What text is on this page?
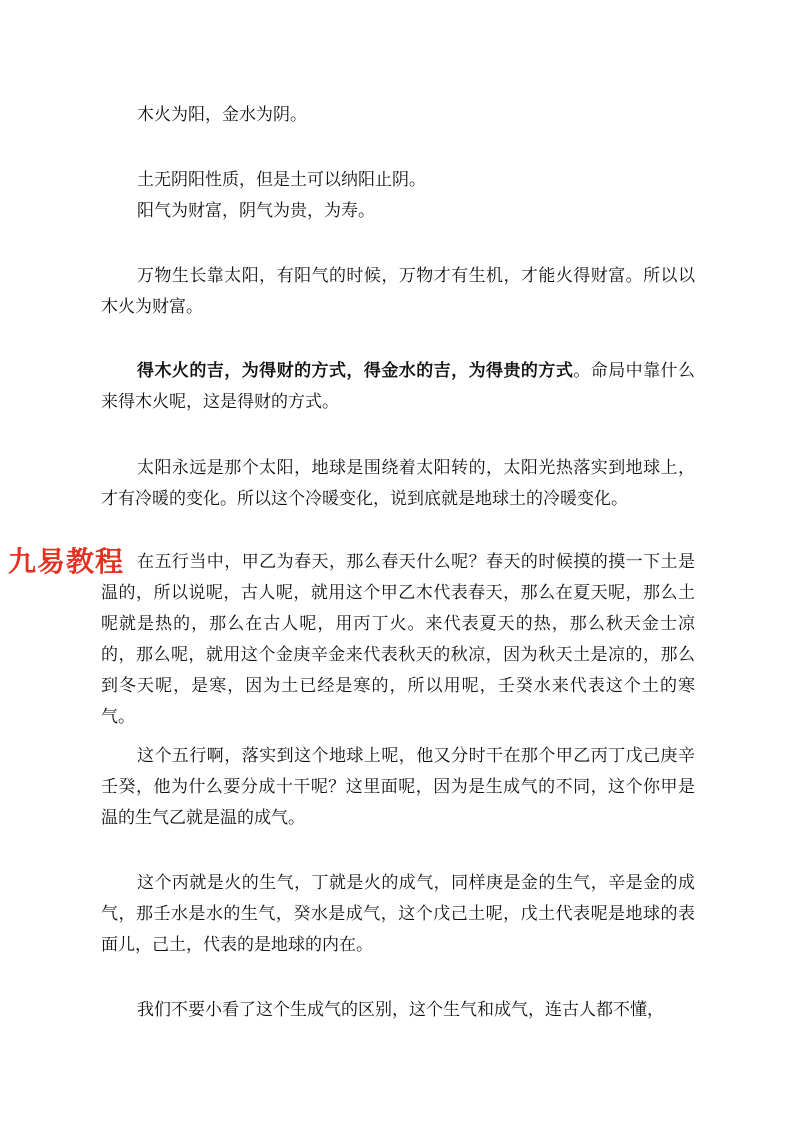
木火为阳，金水为阴。

土无阴阳性质，但是土可以纳阳止阴。

阳气为财富，阴气为贵，为寿。

万物生长靠太阳，有阳气的时候，万物才有生机，才能火得财富。所以以木火为财富。

得木火的吉，为得财的方式，得金水的吉，为得贵的方式。命局中靠什么来得木火呢，这是得财的方式。

太阳永远是那个太阳，地球是围绕着太阳转的，太阳光热落实到地球上，才有冷暖的变化。所以这个冷暖变化，说到底就是地球土的冷暖变化。

在五行当中，甲乙为春天，那么春天什么呢？春天的时候摸的摸一下土是温的，所以说呢，古人呢，就用这个甲乙木代表春天，那么在夏天呢，那么土呢就是热的，那么在古人呢，用丙丁火。来代表夏天的热，那么秋天金士凉的，那么呢，就用这个金庚辛金来代表秋天的秋凉，因为秋天土是凉的，那么到冬天呢，是寒，因为土已经是寒的，所以用呢，壬癸水来代表这个土的寒气。

这个五行啊，落实到这个地球上呢，他又分时干在那个甲乙丙丁戊己庚辛壬癸，他为什么要分成十干呢？这里面呢，因为是生成气的不同，这个你甲是温的生气乙就是温的成气。

这个丙就是火的生气，丁就是火的成气，同样庚是金的生气，辛是金的成气，那壬水是水的生气，癸水是成气，这个戊己土呢，戊土代表呢是地球的表面儿，己土，代表的是地球的内在。

我们不要小看了这个生成气的区别，这个生气和成气，连古人都不懂，

九易教程
